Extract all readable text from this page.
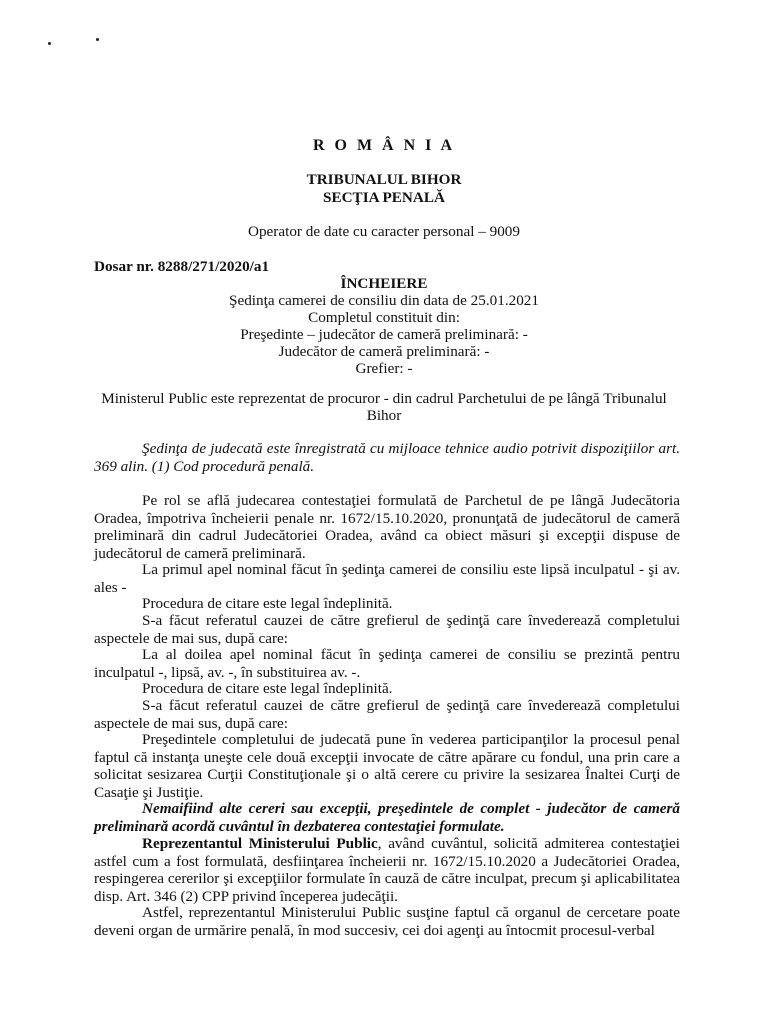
R O M Â N I A
TRIBUNALUL BIHOR
SECŢIA PENALĂ
Operator de date cu caracter personal – 9009
Dosar nr. 8288/271/2020/a1
ÎNCHEIERE
Şedinţa camerei de consiliu din data de 25.01.2021
Completul constituit din:
Preşedinte – judecător de cameră preliminară: -
Judecător de cameră preliminară: -
Grefier: -
Ministerul Public este reprezentat de procuror - din cadrul Parchetului de pe lângă Tribunalul
Bihor

Şedinţa de judecată este înregistrată cu mijloace tehnice audio potrivit dispoziţiilor art. 369 alin. (1) Cod procedură penală.

Pe rol se află judecarea contestaţiei formulată de Parchetul de pe lângă Judecătoria Oradea, împotriva încheierii penale nr. 1672/15.10.2020, pronunţată de judecătorul de cameră preliminară din cadrul Judecătoriei Oradea, având ca obiect măsuri şi excepţii dispuse de judecătorul de cameră preliminară.

La primul apel nominal făcut în şedinţa camerei de consiliu este lipsă inculpatul - şi av. ales -

Procedura de citare este legal îndeplinită.

S-a făcut referatul cauzei de către grefierul de şedinţă care învederează completului aspectele de mai sus, după care:

La al doilea apel nominal făcut în şedinţa camerei de consiliu se prezintă pentru inculpatul -, lipsă, av. -, în substituirea av. -.

Procedura de citare este legal îndeplinită.

S-a făcut referatul cauzei de către grefierul de şedinţă care învederează completului aspectele de mai sus, după care:

Preşedintele completului de judecată pune în vederea participanţilor la procesul penal faptul că instanţa uneşte cele două excepţii invocate de către apărare cu fondul, una prin care a solicitat sesizarea Curţii Constituţionale şi o altă cerere cu privire la sesizarea Înaltei Curţi de Casaţie şi Justiţie.

Nemaifiind alte cereri sau excepţii, preşedintele de complet - judecător de cameră preliminară acordă cuvântul în dezbaterea contestaţiei formulate.

Reprezentantul Ministerului Public, având cuvântul, solicită admiterea contestaţiei astfel cum a fost formulată, desfiinţarea încheierii nr. 1672/15.10.2020 a Judecătoriei Oradea, respingerea cererilor şi excepţiilor formulate în cauză de către inculpat, precum şi aplicabilitatea disp. Art. 346 (2) CPP privind începerea judecăţii.

Astfel, reprezentantul Ministerului Public susţine faptul că organul de cercetare poate deveni organ de urmărire penală, în mod succesiv, cei doi agenţi au întocmit procesul-verbal
